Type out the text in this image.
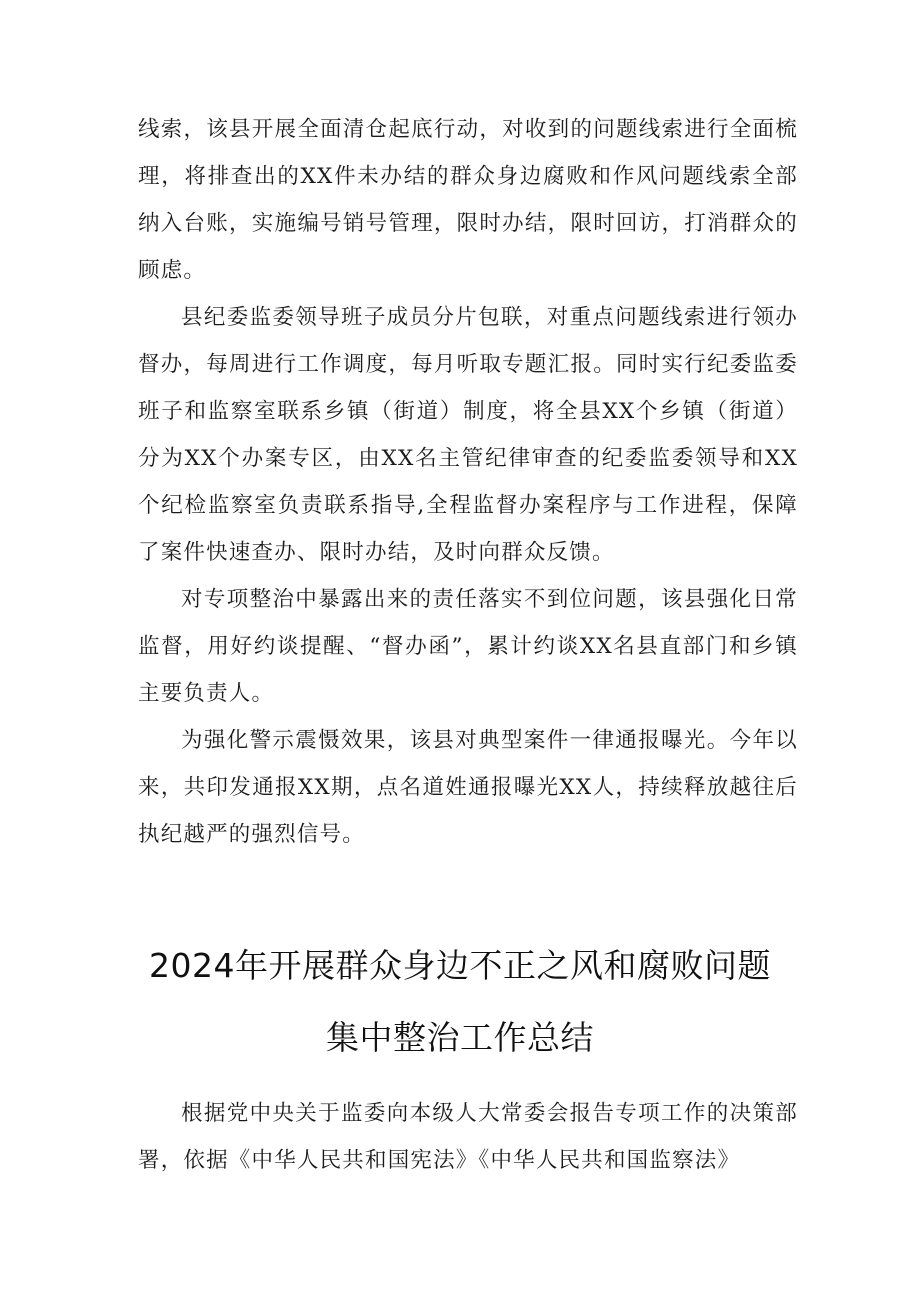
线索，该县开展全面清仓起底行动，对收到的问题线索进行全面梳理，将排查出的XX件未办结的群众身边腐败和作风问题线索全部纳入台账，实施编号销号管理，限时办结，限时回访，打消群众的顾虑。

县纪委监委领导班子成员分片包联，对重点问题线索进行领办督办，每周进行工作调度，每月听取专题汇报。同时实行纪委监委班子和监察室联系乡镇（街道）制度，将全县XX个乡镇（街道）分为XX个办案专区，由XX名主管纪律审查的纪委监委领导和XX个纪检监察室负责联系指导,全程监督办案程序与工作进程，保障了案件快速查办、限时办结，及时向群众反馈。

对专项整治中暴露出来的责任落实不到位问题，该县强化日常监督，用好约谈提醒、“督办函”，累计约谈XX名县直部门和乡镇主要负责人。

为强化警示震慑效果，该县对典型案件一律通报曝光。今年以来，共印发通报XX期，点名道姓通报曝光XX人，持续释放越往后执纪越严的强烈信号。

2024年开展群众身边不正之风和腐败问题
集中整治工作总结

根据党中央关于监委向本级人大常委会报告专项工作的决策部署，依据《中华人民共和国宪法》《中华人民共和国监察法》
